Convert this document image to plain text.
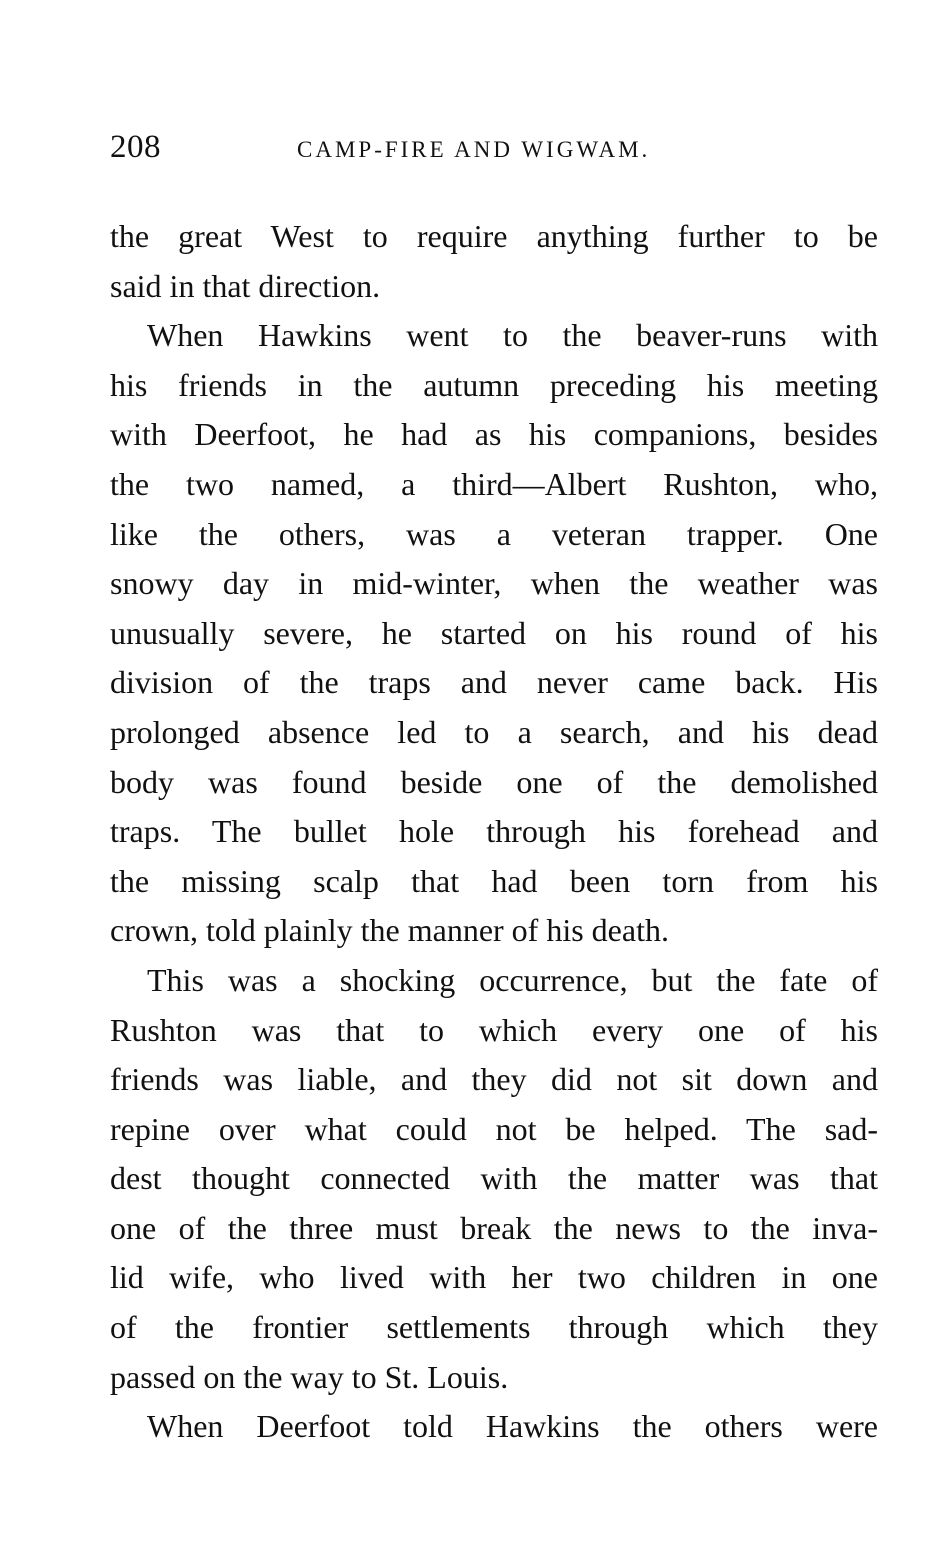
208	CAMP-FIRE AND WIGWAM.
the great West to require anything further to be
said in that direction.
When Hawkins went to the beaver-runs with
his friends in the autumn preceding his meeting
with Deerfoot, he had as his companions, besides
the two named, a third—Albert Rushton, who,
like the others, was a veteran trapper. One
snowy day in mid-winter, when the weather was
unusually severe, he started on his round of his
division of the traps and never came back. His
prolonged absence led to a search, and his dead
body was found beside one of the demolished
traps. The bullet hole through his forehead and
the missing scalp that had been torn from his
crown, told plainly the manner of his death.
This was a shocking occurrence, but the fate of
Rushton was that to which every one of his
friends was liable, and they did not sit down and
repine over what could not be helped. The sad-
dest thought connected with the matter was that
one of the three must break the news to the inva-
lid wife, who lived with her two children in one
of the frontier settlements through which they
passed on the way to St. Louis.
When Deerfoot told Hawkins the others were
